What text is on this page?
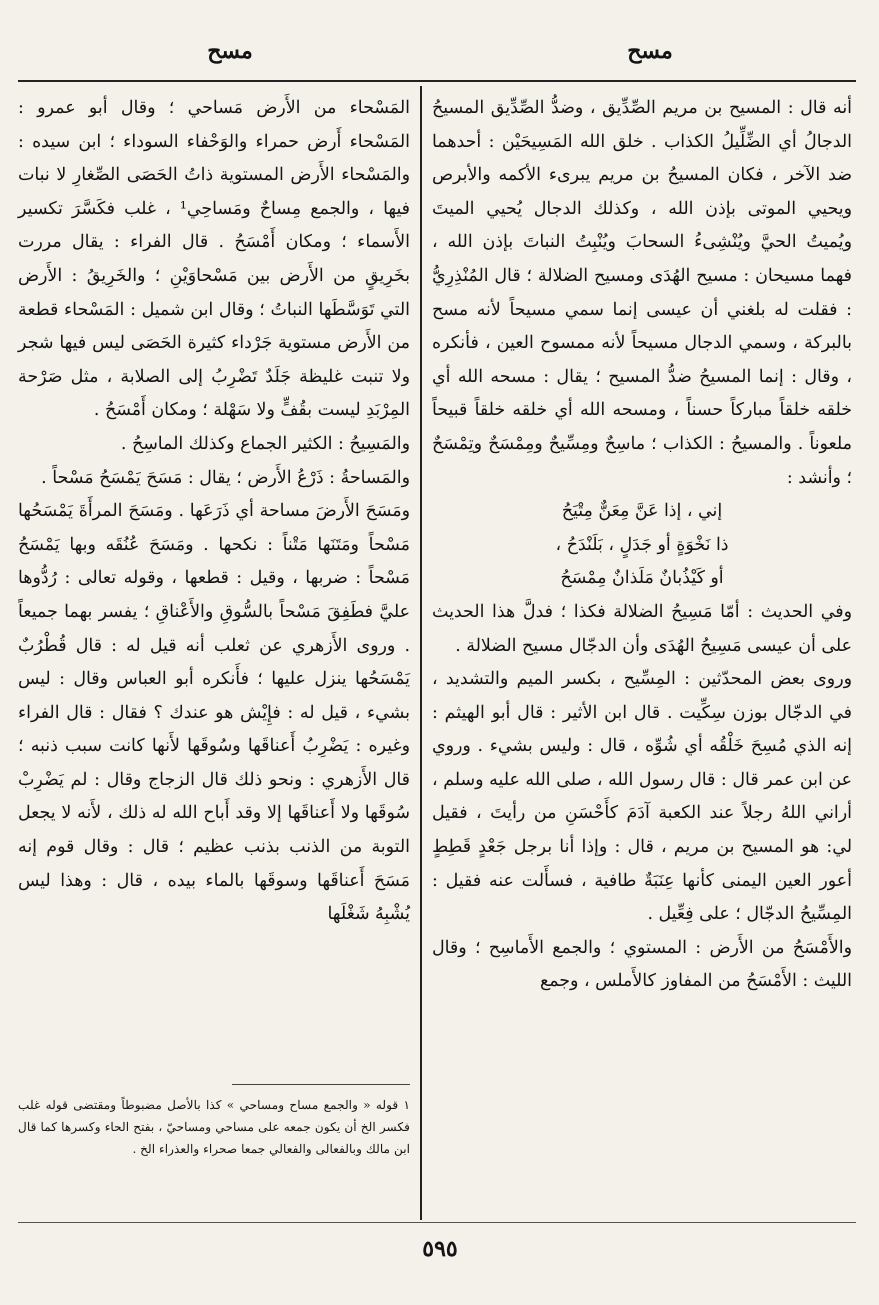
مسح
مسح

أنه قال : المسيح بن مريم الصِّدِّيق ، وضدُّ الصِّدِّيق المسيحُ الدجالُ أي الضِّلِّيلُ الكذاب . خلق الله المَسِيحَيْن : أحدهما ضد الآخر ، فكان المسيحُ بن مريم يبرىء الأكمه والأبرص ويحيي الموتى بإذن الله ، وكذلك الدجال يُحيي الميتَ ويُميتُ الحيَّ ويُنْشِىءُ السحابَ ويُنْبِتُ النباتَ بإذن الله ، فهما مسيحان : مسيح الهُدَى ومسيح الضلالة ؛ قال المُنْذِرِيُّ : فقلت له بلغني أن عيسى إنما سمي مسيحاً لأنه مسح بالبركة ، وسمي الدجال مسيحاً لأنه ممسوح العين ، فأنكره ، وقال : إنما المسيحُ ضدُّ المسيح ؛ يقال : مسحه الله أي خلقه خلقاً مباركاً حسناً ، ومسحه الله أي خلقه خلقاً قبيحاً ملعوناً . والمسيحُ : الكذاب ؛ ماسِحٌ ومِسِّيحٌ ومِمْسَحٌ وتِمْسَحٌ ؛ وأنشد :

إني ، إذا عَنَّ مِعَنٌّ مِتْيَحُ

ذا نَخْوَةٍ أو جَدَلٍ ، بَلَنْدَحُ ،

أو كَيْذُبانٌ مَلَذانٌ مِمْسَحُ

وفي الحديث : أمّا مَسِيحُ الضلالة فكذا ؛ فدلَّ هذا الحديث على أن عيسى مَسِيحُ الهُدَى وأن الدجّال مسيح الضلالة .

وروى بعض المحدّثين : المِسِّيح ، بكسر الميم والتشديد ، في الدجّال بوزن سِكِّيت . قال ابن الأثير : قال أبو الهيثم : إنه الذي مُسِحَ خَلْقُه أي شُوِّه ، قال : وليس بشيء . وروي عن ابن عمر قال : قال رسول الله ، صلى الله عليه وسلم ، أراني اللهُ رجلاً عند الكعبة آدَمَ كأَحْسَنِ من رأيتَ ، فقيل لي: هو المسيح بن مريم ، قال : وإذا أنا برجل جَعْدٍ قَطِطٍ أعور العين اليمنى كأنها عِنَبَةٌ طافية ، فسأَلت عنه فقيل : المِسِّيحُ الدجّال ؛ على فِعِّيل .

والأَمْسَحُ من الأَرض : المستوي ؛ والجمع الأَماسِح ؛ وقال الليث : الأَمْسَحُ من المفاوز كالأَملس ، وجمع

المَسْحاء من الأَرض مَساحي ؛ وقال أبو عمرو : المَسْحاء أَرض حمراء والوَحْفاء السوداء ؛ ابن سيده : والمَسْحاء الأَرض المستوية ذاتُ الحَصَى الصِّغارِ لا نبات فيها ، والجمع مِساحٌ ومَساحِي¹ ، غلب فكَسَّرَ تكسير الأَسماء ؛ ومكان أَمْسَحُ . قال الفراء : يقال مررت بخَرِيقٍ من الأَرض بين مَسْحاوَيْنِ ؛ والخَرِيقُ : الأَرض التي تَوَسَّطَها النباتُ ؛ وقال ابن شميل : المَسْحاء قطعة من الأَرض مستوية جَرْداء كثيرة الحَصَى ليس فيها شجر ولا تنبت غليظة جَلَدٌ تَضْرِبُ إلى الصلابة ، مثل صَرْحة المِرْبَدِ ليست بقُفٍّ ولا سَهْلة ؛ ومكان أَمْسَحُ .

والمَسِيحُ : الكثير الجماع وكذلك الماسِحُ .

والمَساحةُ : ذَرْعُ الأَرض ؛ يقال : مَسَحَ يَمْسَحُ مَسْحاً .

ومَسَحَ الأَرضَ مساحة أي ذَرَعَها . ومَسَحَ المرأَةَ يَمْسَحُها مَسْحاً ومَتَنَها مَتْناً : نكحها . ومَسَحَ عُنُقَه وبها يَمْسَحُ مَسْحاً : ضربها ، وقيل : قطعها ، وقوله تعالى : رُدُّوها عليَّ فطَفِقَ مَسْحاً بالسُّوقِ والأَعْناقِ ؛ يفسر بهما جميعاً . وروى الأَزهري عن ثعلب أنه قيل له : قال قُطْرُبٌ يَمْسَحُها ينزل عليها ؛ فأَنكره أبو العباس وقال : ليس بشيء ، قيل له : فإِيْش هو عندك ؟ فقال : قال الفراء وغيره : يَضْرِبُ أَعناقَها وسُوقَها لأَنها كانت سبب ذنبه ؛ قال الأَزهري : ونحو ذلك قال الزجاج وقال : لم يَضْرِبْ سُوقَها ولا أَعناقَها إلا وقد أَباح الله له ذلك ، لأَنه لا يجعل التوبة من الذنب بذنب عظيم ؛ قال : وقال قوم إنه مَسَحَ أَعناقَها وسوقَها بالماء بيده ، قال : وهذا ليس يُشْبِهُ شَغْلَها

١ قوله « والجمع مساح ومساحي » كذا بالأصل مضبوطاً ومقتضى قوله غلب فكسر الخ أن يكون جمعه على مساحي ومساحيّ ، بفتح الحاء وكسرها كما قال ابن مالك وبالفعالى والفعالي جمعا صحراء والعذراء الخ .
٥٩٥
